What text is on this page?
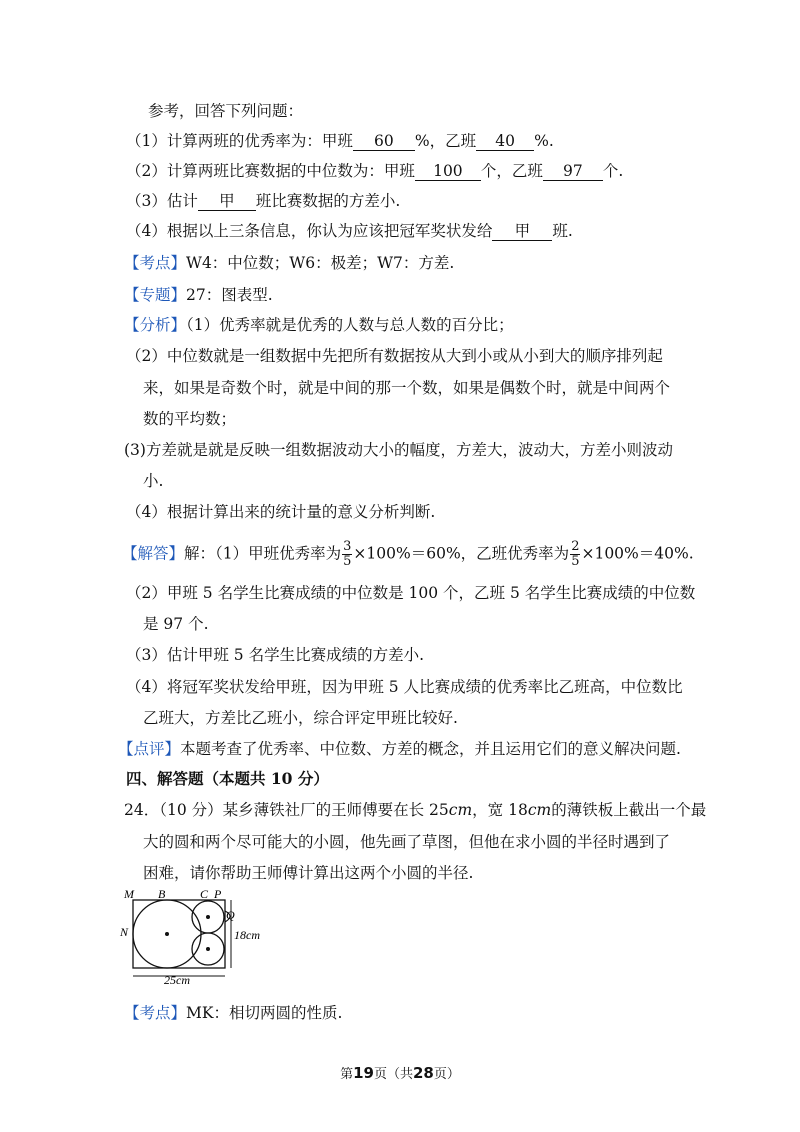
参考，回答下列问题：
（1）计算两班的优秀率为：甲班 60 %，乙班 40 %.
（2）计算两班比赛数据的中位数为：甲班 100 个，乙班 97 个.
（3）估计 甲 班比赛数据的方差小.
（4）根据以上三条信息，你认为应该把冠军奖状发给 甲 班.
【考点】W4：中位数；W6：极差；W7：方差.
【专题】27：图表型.
【分析】（1）优秀率就是优秀的人数与总人数的百分比；
（2）中位数就是一组数据中先把所有数据按从大到小或从小到大的顺序排列起
来，如果是奇数个时，就是中间的那一个数，如果是偶数个时，就是中间两个
数的平均数；
(3)方差就是就是反映一组数据波动大小的幅度，方差大，波动大，方差小则波动
小.
（4）根据计算出来的统计量的意义分析判断.
【解答】解：（1）甲班优秀率为 $\frac{3}{5} \times 100\%=60\%$，乙班优秀率为 $\frac{2}{5} \times 100\%=40\%$.
（2）甲班 5 名学生比赛成绩的中位数是 100 个，乙班 5 名学生比赛成绩的中位数
是 97 个.
（3）估计甲班 5 名学生比赛成绩的方差小.
（4）将冠军奖状发给甲班，因为甲班 5 人比赛成绩的优秀率比乙班高，中位数比
乙班大，方差比乙班小，综合评定甲班比较好.
【点评】本题考查了优秀率、中位数、方差的概念，并且运用它们的意义解决问题.
四、解答题（本题共 10 分）
24．（10 分）某乡薄铁社厂的王师傅要在长 25cm，宽 18cm的薄铁板上截出一个最
大的圆和两个尽可能大的小圆，他先画了草图，但他在求小圆的半径时遇到了
困难，请你帮助王师傅计算出这两个小圆的半径.
M B	C P
N
Q
18cm
25cm
【考点】MK：相切两圆的性质.
第19页（共28页）
